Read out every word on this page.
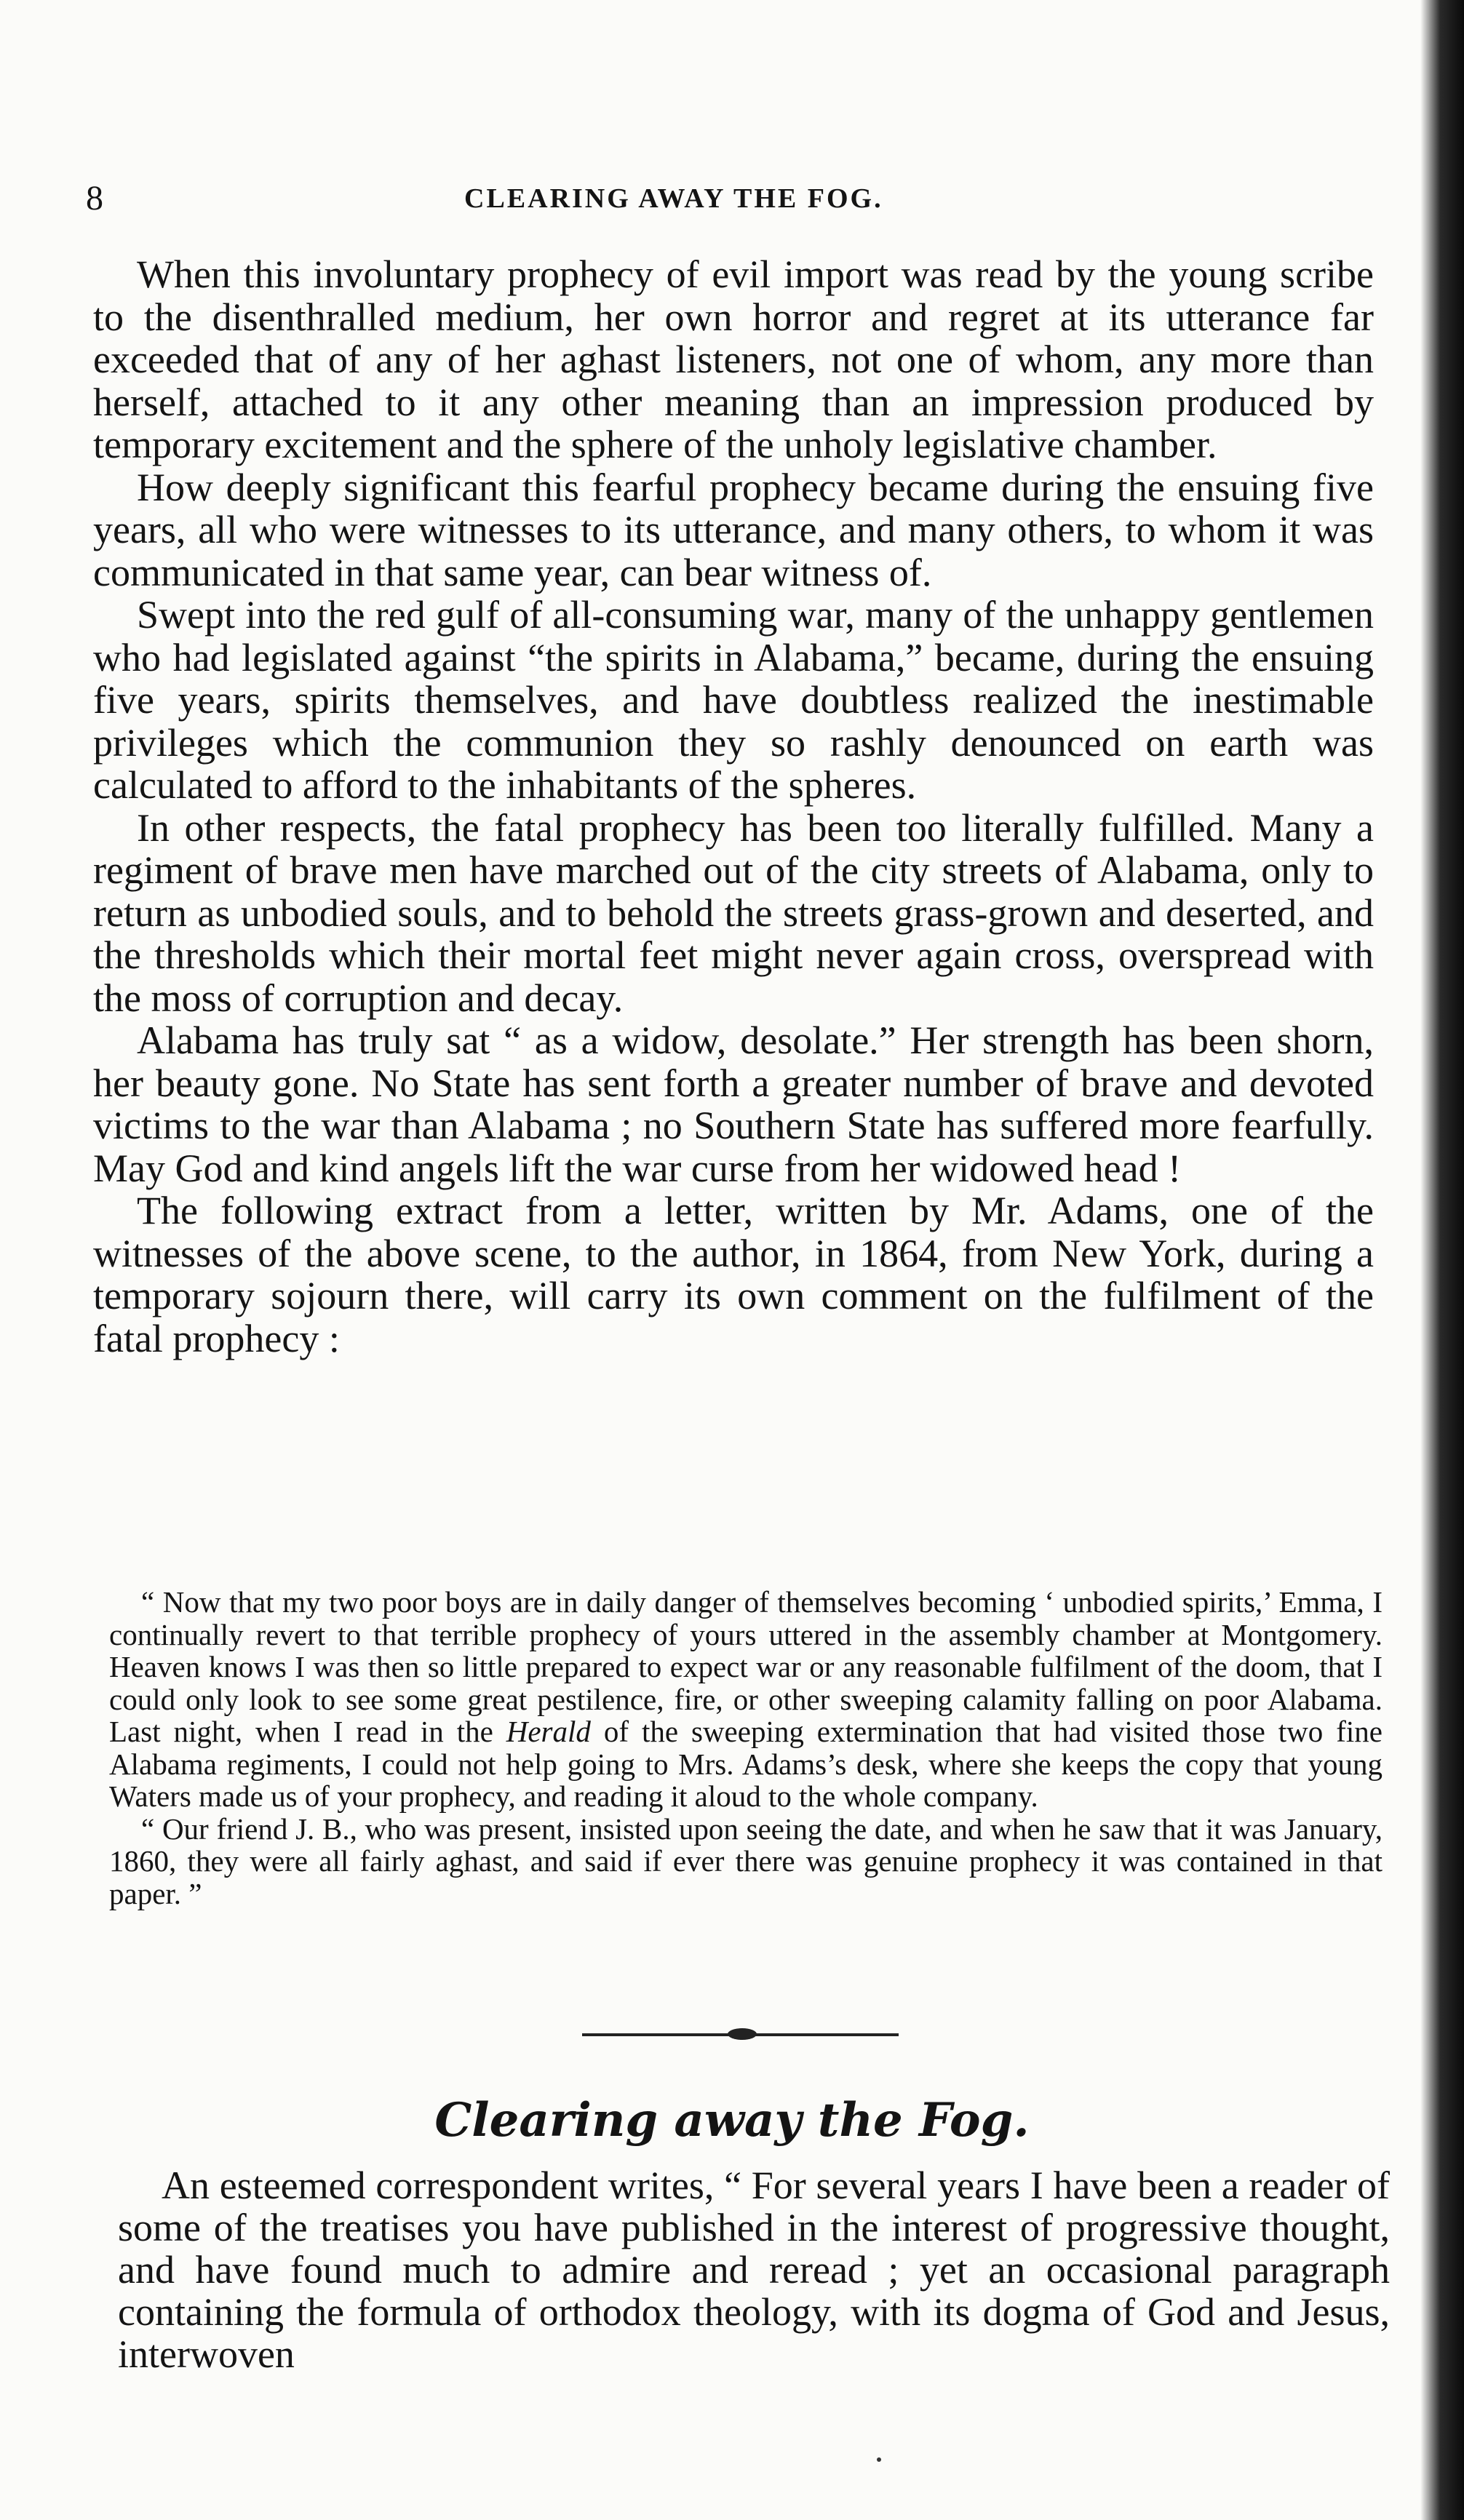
8	CLEARING AWAY THE FOG.

When this involuntary prophecy of evil import was read by the young scribe to the disenthralled medium, her own horror and regret at its utterance far exceeded that of any of her aghast listeners, not one of whom, any more than herself, attached to it any other meaning than an impression produced by temporary excitement and the sphere of the unholy legislative chamber.

How deeply significant this fearful prophecy became during the ensuing five years, all who were witnesses to its utterance, and many others, to whom it was communicated in that same year, can bear witness of.

Swept into the red gulf of all-consuming war, many of the unhappy gentlemen who had legislated against “the spirits in Alabama,” became, during the ensuing five years, spirits themselves, and have doubtless realized the inestimable privileges which the communion they so rashly denounced on earth was calculated to afford to the inhabitants of the spheres.

In other respects, the fatal prophecy has been too literally fulfilled. Many a regiment of brave men have marched out of the city streets of Alabama, only to return as unbodied souls, and to behold the streets grass-grown and deserted, and the thresholds which their mortal feet might never again cross, overspread with the moss of corruption and decay.

Alabama has truly sat “ as a widow, desolate.” Her strength has been shorn, her beauty gone. No State has sent forth a greater number of brave and devoted victims to the war than Alabama ; no Southern State has suffered more fearfully. May God and kind angels lift the war curse from her widowed head !

The following extract from a letter, written by Mr. Adams, one of the witnesses of the above scene, to the author, in 1864, from New York, during a temporary sojourn there, will carry its own comment on the fulfilment of the fatal prophecy :

“ Now that my two poor boys are in daily danger of themselves becoming ‘ unbodied spirits,’ Emma, I continually revert to that terrible prophecy of yours uttered in the assembly chamber at Montgomery. Heaven knows I was then so little prepared to expect war or any reasonable fulfilment of the doom, that I could only look to see some great pestilence, fire, or other sweeping calamity falling on poor Alabama. Last night, when I read in the Herald of the sweeping extermination that had visited those two fine Alabama regiments, I could not help going to Mrs. Adams’s desk, where she keeps the copy that young Waters made us of your prophecy, and reading it aloud to the whole company.

“ Our friend J. B., who was present, insisted upon seeing the date, and when he saw that it was January, 1860, they were all fairly aghast, and said if ever there was genuine prophecy it was contained in that paper. ”

Clearing away the Fog.

An esteemed correspondent writes, “ For several years I have been a reader of some of the treatises you have published in the interest of progressive thought, and have found much to admire and reread ; yet an occasional paragraph containing the formula of orthodox theology, with its dogma of God and Jesus, interwoven
